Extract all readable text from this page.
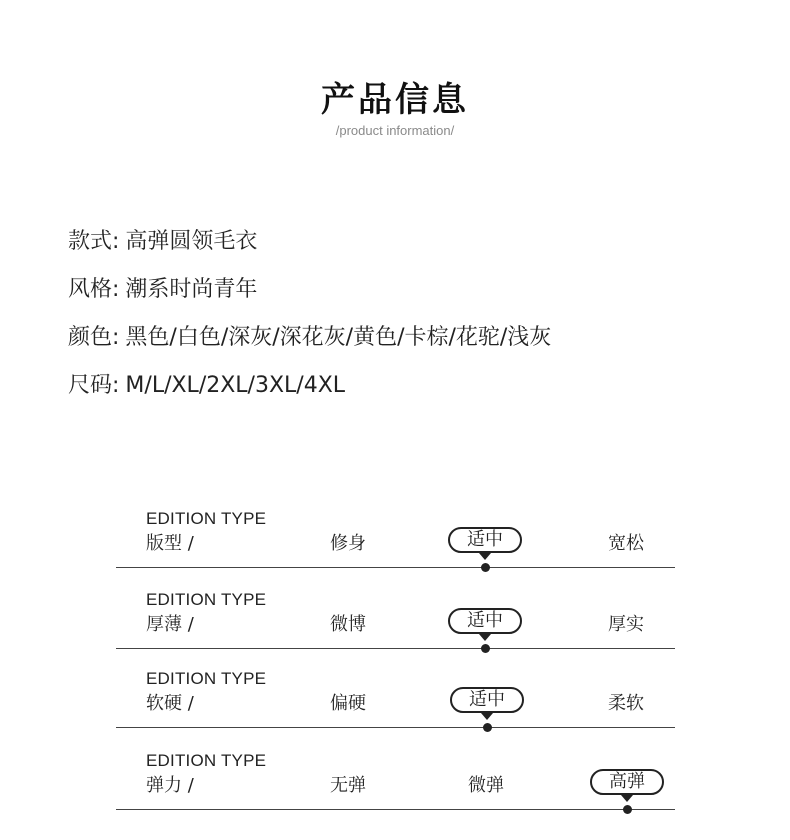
产品信息
/product information/
款式: 高弹圆领毛衣
风格: 潮系时尚青年
颜色: 黑色/白色/深灰/深花灰/黄色/卡棕/花驼/浅灰
尺码: M/L/XL/2XL/3XL/4XL
EDITION TYPE
版型 /	修身	适中	宽松
EDITION TYPE
厚薄 /	微博	适中	厚实
EDITION TYPE
软硬 /	偏硬	适中	柔软
EDITION TYPE
弹力 /	无弹	微弹	高弹
